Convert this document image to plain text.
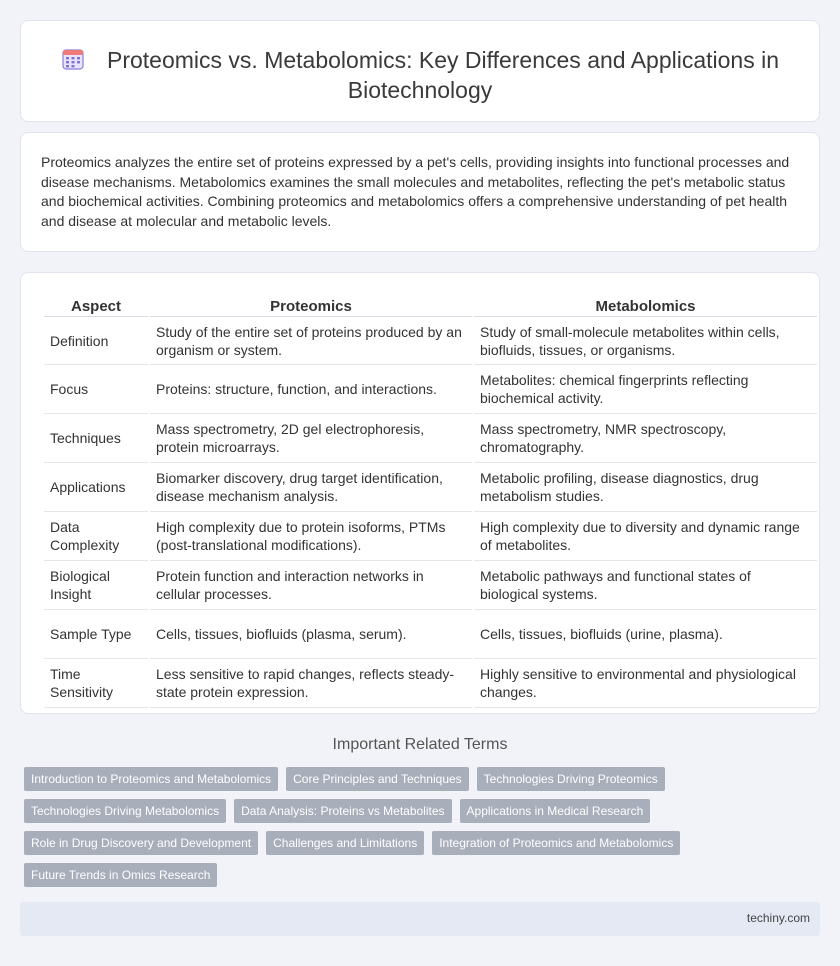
Proteomics vs. Metabolomics: Key Differences and Applications in Biotechnology

Proteomics analyzes the entire set of proteins expressed by a pet's cells, providing insights into functional processes and disease mechanisms. Metabolomics examines the small molecules and metabolites, reflecting the pet's metabolic status and biochemical activities. Combining proteomics and metabolomics offers a comprehensive understanding of pet health and disease at molecular and metabolic levels.

Aspect	Proteomics	Metabolomics
Definition	Study of the entire set of proteins produced by an organism or system.	Study of small-molecule metabolites within cells, biofluids, tissues, or organisms.
Focus	Proteins: structure, function, and interactions.	Metabolites: chemical fingerprints reflecting biochemical activity.
Techniques	Mass spectrometry, 2D gel electrophoresis, protein microarrays.	Mass spectrometry, NMR spectroscopy, chromatography.
Applications	Biomarker discovery, drug target identification, disease mechanism analysis.	Metabolic profiling, disease diagnostics, drug metabolism studies.
Data Complexity	High complexity due to protein isoforms, PTMs (post-translational modifications).	High complexity due to diversity and dynamic range of metabolites.
Biological Insight	Protein function and interaction networks in cellular processes.	Metabolic pathways and functional states of biological systems.
Sample Type	Cells, tissues, biofluids (plasma, serum).	Cells, tissues, biofluids (urine, plasma).
Time Sensitivity	Less sensitive to rapid changes, reflects steady-state protein expression.	Highly sensitive to environmental and physiological changes.
Important Related Terms
Introduction to Proteomics and Metabolomics	Core Principles and Techniques	Technologies Driving Proteomics
Technologies Driving Metabolomics	Data Analysis: Proteins vs Metabolites	Applications in Medical Research
Role in Drug Discovery and Development	Challenges and Limitations	Integration of Proteomics and Metabolomics
Future Trends in Omics Research
techiny.com
